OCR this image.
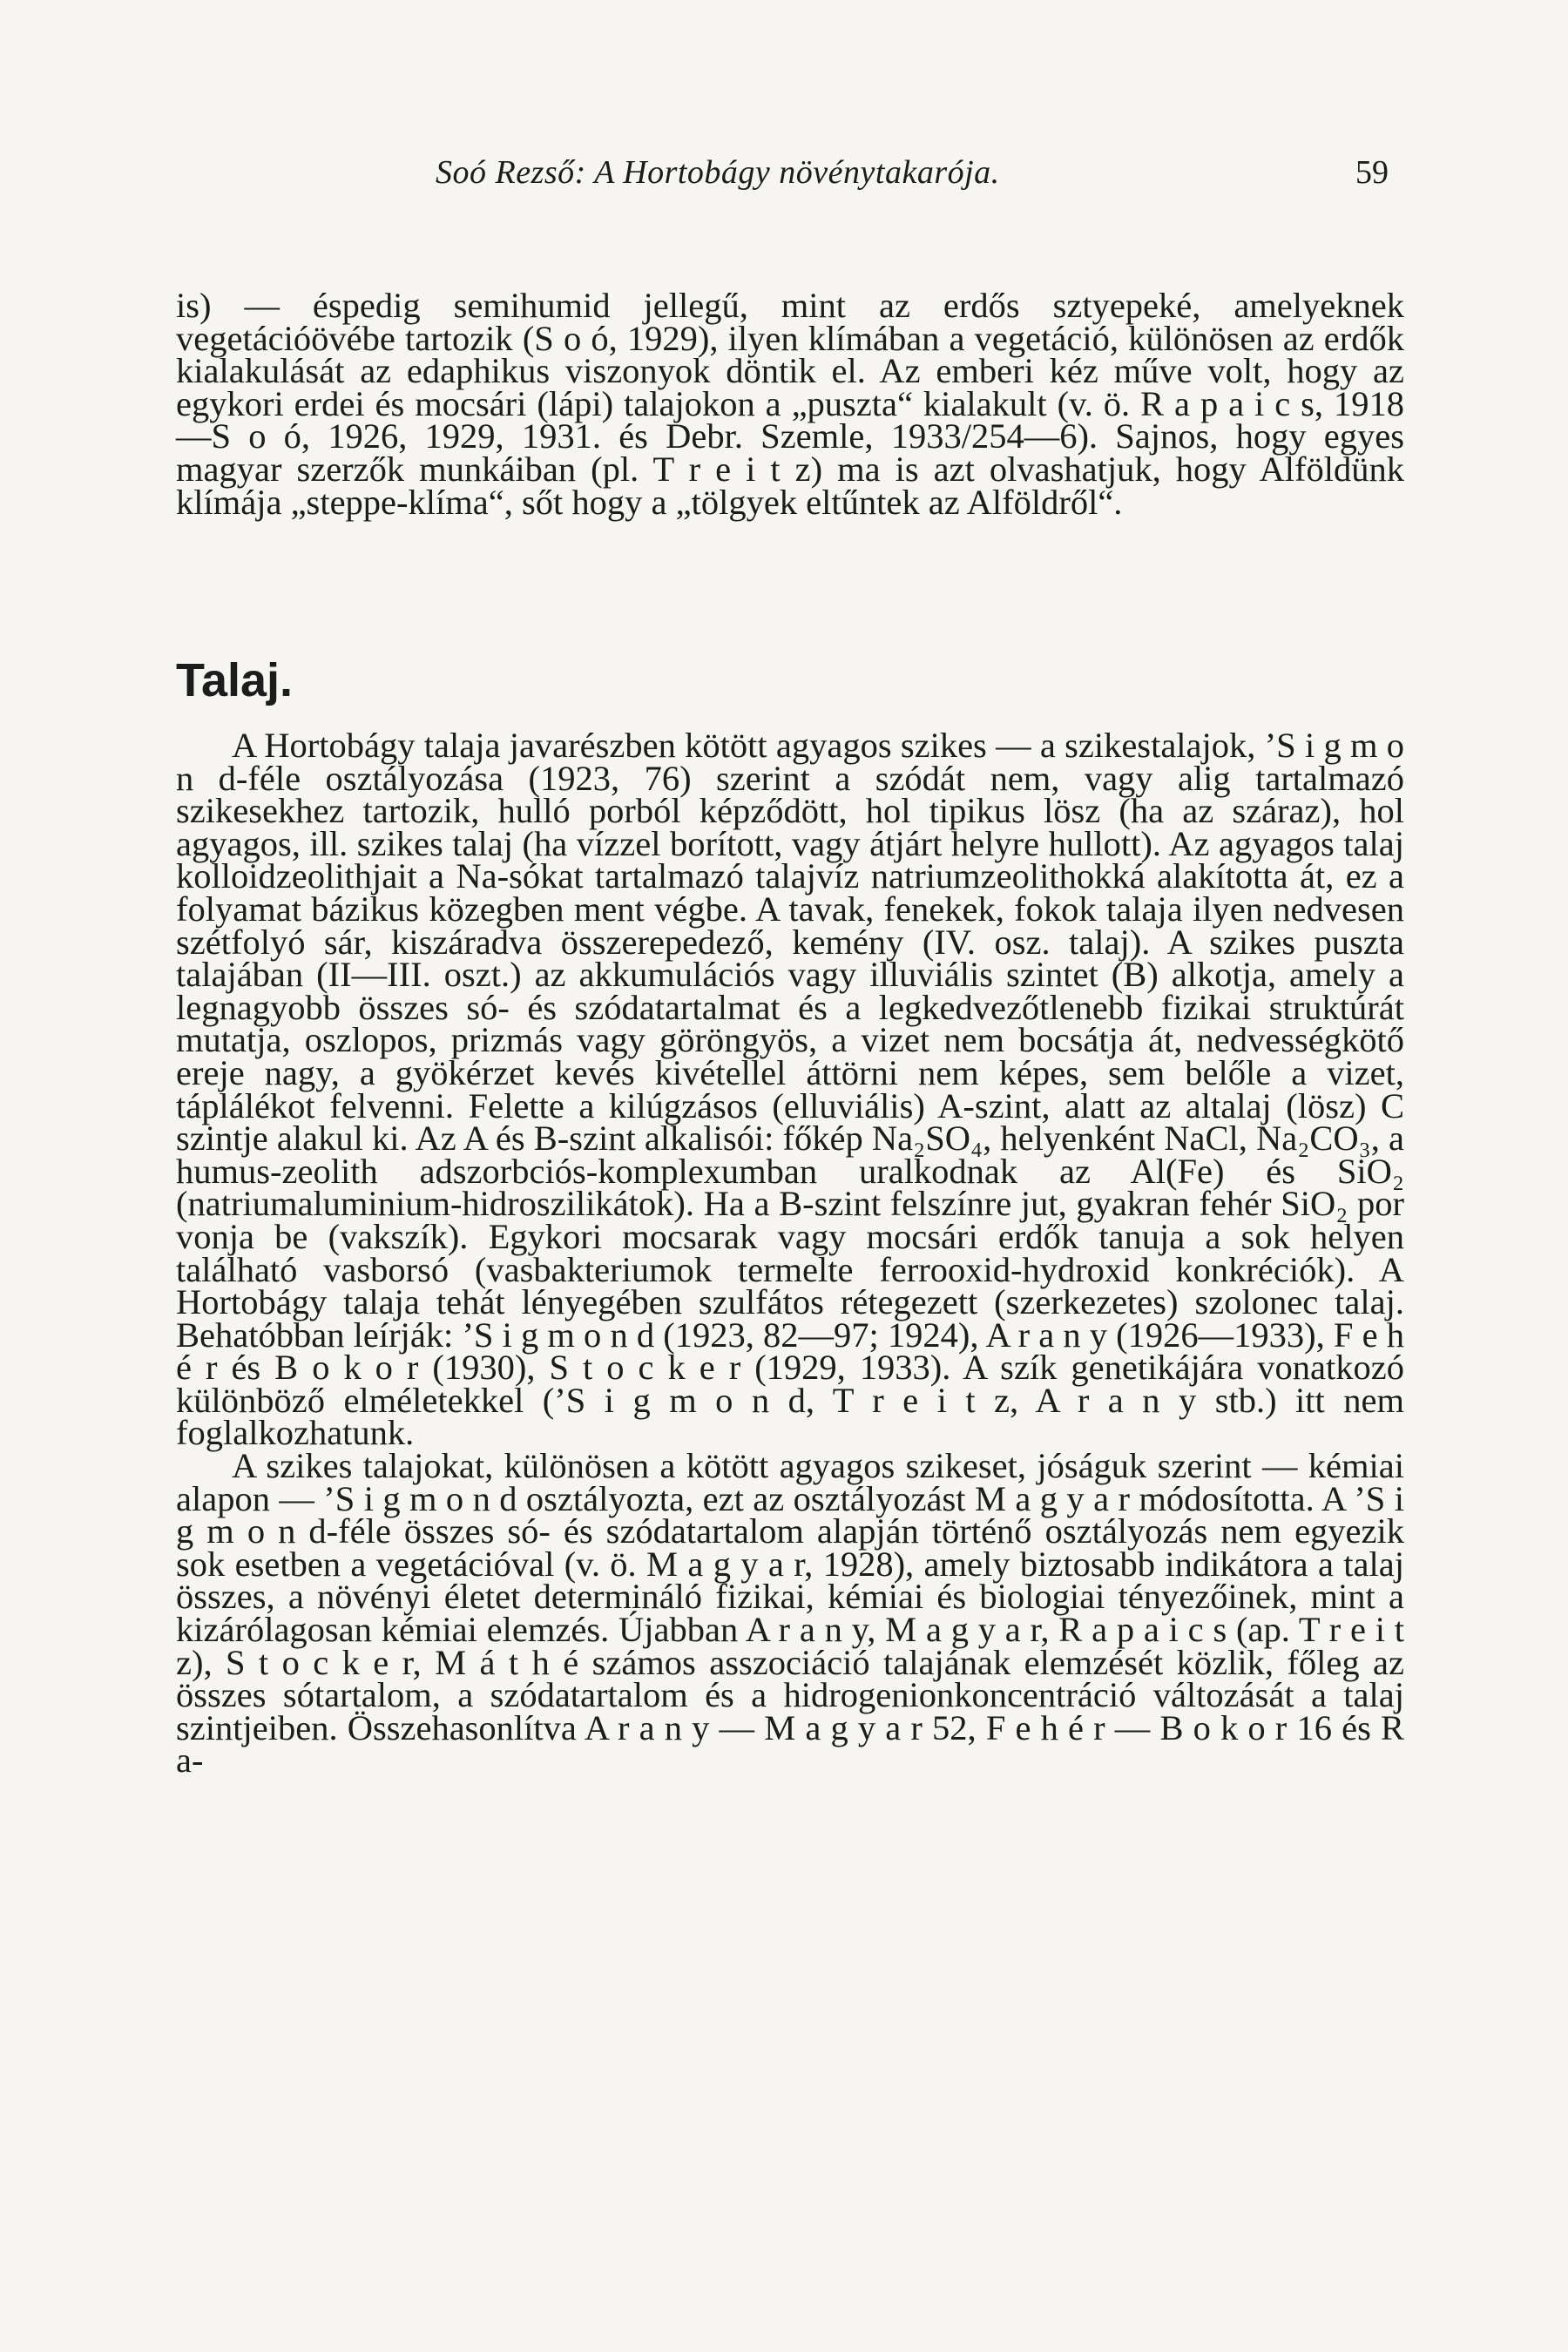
Soó Rezső: A Hortobágy növénytakarója.	59

is) — éspedig semihumid jellegű, mint az erdős sztyepeké, amelyeknek vegetációövébe tartozik (S o ó, 1929), ilyen klímában a vegetáció, különösen az erdők kialakulását az edaphikus viszonyok döntik el. Az emberi kéz műve volt, hogy az egykori erdei és mocsári (lápi) talajokon a „puszta“ kialakult (v. ö. R a p a i c s, 1918—S o ó, 1926, 1929, 1931. és Debr. Szemle, 1933/254—6). Sajnos, hogy egyes magyar szerzők munkáiban (pl. T r e i t z) ma is azt olvashatjuk, hogy Alföldünk klímája „steppe-klíma“, sőt hogy a „tölgyek eltűntek az Alföldről“.

Talaj.

A Hortobágy talaja javarészben kötött agyagos szikes — a szikestalajok, ’S i g m o n d-féle osztályozása (1923, 76) szerint a szódát nem, vagy alig tartalmazó szikesekhez tartozik, hulló porból képződött, hol tipikus lösz (ha az száraz), hol agyagos, ill. szikes talaj (ha vízzel borított, vagy átjárt helyre hullott). Az agyagos talaj kolloidzeolithjait a Na-sókat tartalmazó talajvíz natriumzeolithokká alakította át, ez a folyamat bázikus közegben ment végbe. A tavak, fenekek, fokok talaja ilyen nedvesen szétfolyó sár, kiszáradva összerepedező, kemény (IV. osz. talaj). A szikes puszta talajában (II—III. oszt.) az akkumulációs vagy illuviális szintet (B) alkotja, amely a legnagyobb összes só- és szódatartalmat és a legkedvezőtlenebb fizikai struktúrát mutatja, oszlopos, prizmás vagy göröngyös, a vizet nem bocsátja át, nedvességkötő ereje nagy, a gyökérzet kevés kivétellel áttörni nem képes, sem belőle a vizet, táplálékot felvenni. Felette a kilúgzásos (elluviális) A-szint, alatt az altalaj (lösz) C szintje alakul ki. Az A és B-szint alkalisói: főkép Na₂SO₄, helyenként NaCl, Na₂CO₃, a humus-zeolith adszorbciós-komplexumban uralkodnak az Al(Fe) és SiO₂ (natriumaluminium-hidroszilikátok). Ha a B-szint felszínre jut, gyakran fehér SiO₂ por vonja be (vakszík). Egykori mocsarak vagy mocsári erdők tanuja a sok helyen található vasborsó (vasbakteriumok termelte ferrooxid-hydroxid konkréciók). A Hortobágy talaja tehát lényegében szulfátos rétegezett (szerkezetes) szolonec talaj. Behatóbban leírják: ’S i g m o n d (1923, 82—97; 1924), A r a n y (1926—1933), F e h é r és B o k o r (1930), S t o c k e r (1929, 1933). A szík genetikájára vonatkozó különböző elméletekkel (’S i g m o n d, T r e i t z, A r a n y stb.) itt nem foglalkozhatunk.

A szikes talajokat, különösen a kötött agyagos szikeset, jóságuk szerint — kémiai alapon — ’S i g m o n d osztályozta, ezt az osztályozást M a g y a r módosította. A ’S i g m o n d-féle összes só- és szódatartalom alapján történő osztályozás nem egyezik sok esetben a vegetációval (v. ö. M a g y a r, 1928), amely biztosabb indikátora a talaj összes, a növényi életet determináló fizikai, kémiai és biologiai tényezőinek, mint a kizárólagosan kémiai elemzés. Újabban A r a n y, M a g y a r, R a p a i c s (ap. T r e i t z), S t o c k e r, M á t h é számos asszociáció talajának elemzését közlik, főleg az összes sótartalom, a szódatartalom és a hidrogenionkoncentráció változását a talaj szintjeiben. Összehasonlítva A r a n y — M a g y a r 52, F e h é r — B o k o r 16 és R a-
